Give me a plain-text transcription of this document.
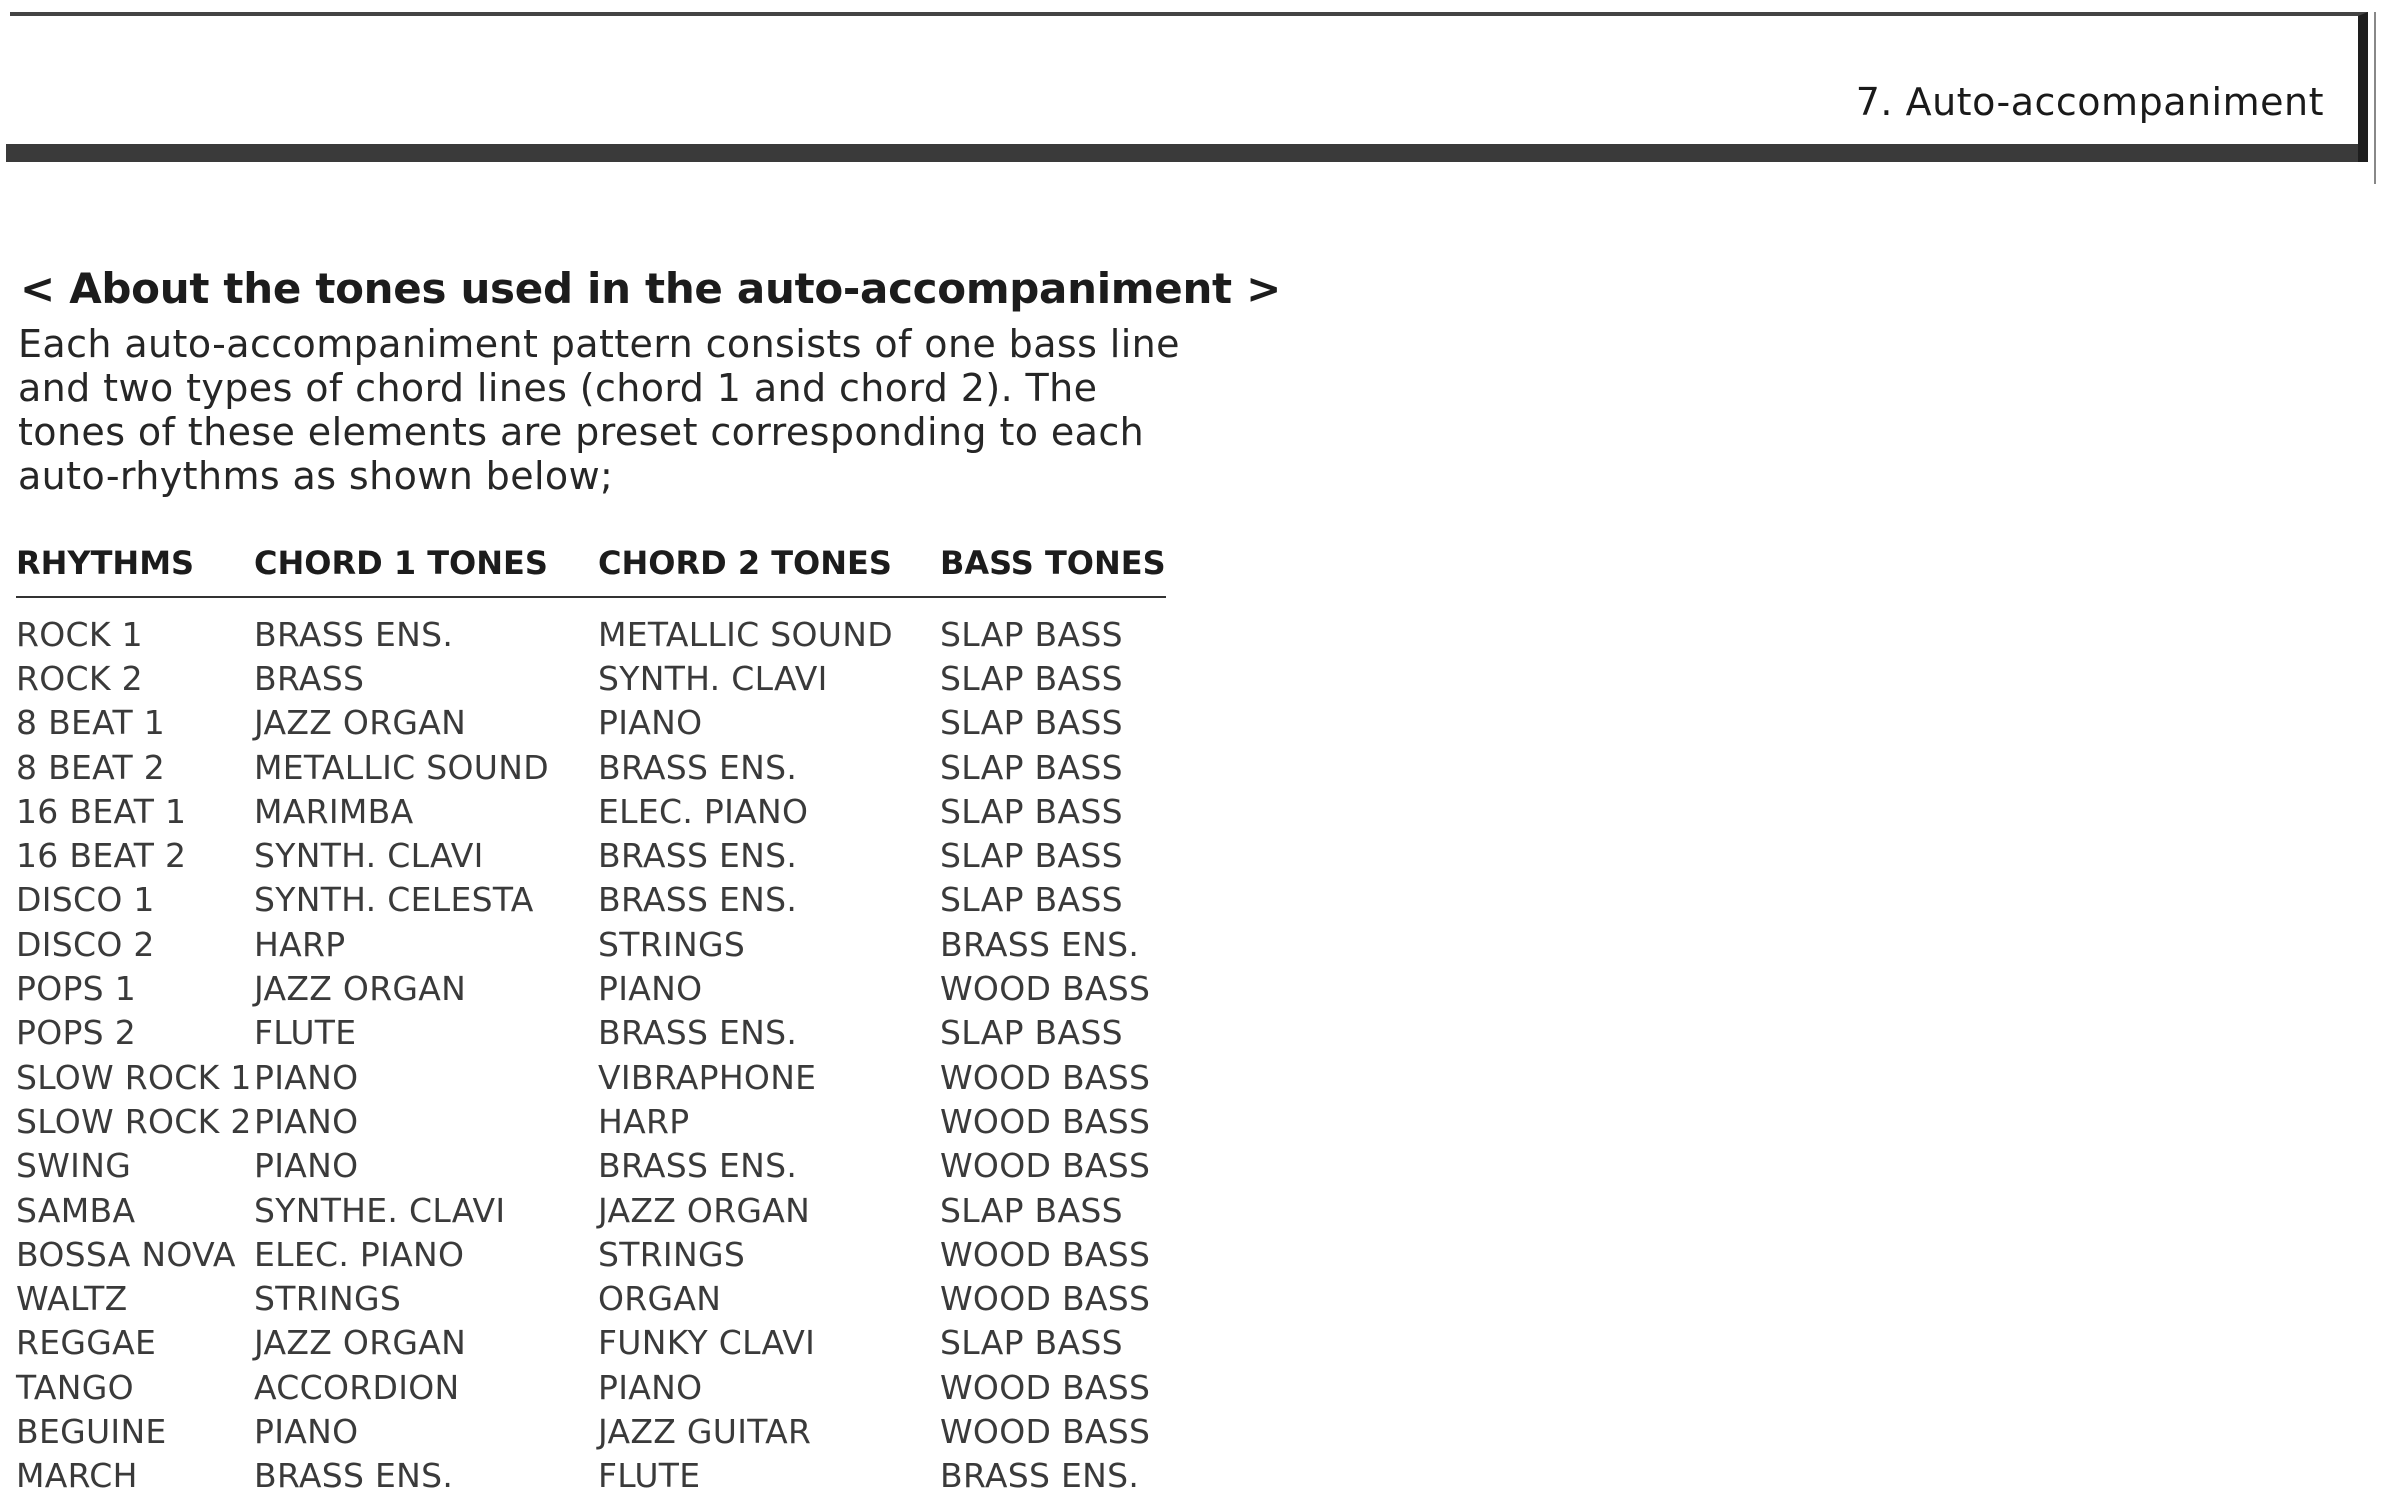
7. Auto-accompaniment
< About the tones used in the auto-accompaniment >
Each auto-accompaniment pattern consists of one bass line and two types of chord lines (chord 1 and chord 2). The tones of these elements are preset corresponding to each auto-rhythms as shown below;
RHYTHMS	CHORD 1 TONES	CHORD 2 TONES	BASS TONES
ROCK 1	BRASS ENS.	METALLIC SOUND	SLAP BASS
ROCK 2	BRASS	SYNTH. CLAVI	SLAP BASS
8 BEAT 1	JAZZ ORGAN	PIANO	SLAP BASS
8 BEAT 2	METALLIC SOUND	BRASS ENS.	SLAP BASS
16 BEAT 1	MARIMBA	ELEC. PIANO	SLAP BASS
16 BEAT 2	SYNTH. CLAVI	BRASS ENS.	SLAP BASS
DISCO 1	SYNTH. CELESTA	BRASS ENS.	SLAP BASS
DISCO 2	HARP	STRINGS	BRASS ENS.
POPS 1	JAZZ ORGAN	PIANO	WOOD BASS
POPS 2	FLUTE	BRASS ENS.	SLAP BASS
SLOW ROCK 1	PIANO	VIBRAPHONE	WOOD BASS
SLOW ROCK 2	PIANO	HARP	WOOD BASS
SWING	PIANO	BRASS ENS.	WOOD BASS
SAMBA	SYNTHE. CLAVI	JAZZ ORGAN	SLAP BASS
BOSSA NOVA	ELEC. PIANO	STRINGS	WOOD BASS
WALTZ	STRINGS	ORGAN	WOOD BASS
REGGAE	JAZZ ORGAN	FUNKY CLAVI	SLAP BASS
TANGO	ACCORDION	PIANO	WOOD BASS
BEGUINE	PIANO	JAZZ GUITAR	WOOD BASS
MARCH	BRASS ENS.	FLUTE	BRASS ENS.
